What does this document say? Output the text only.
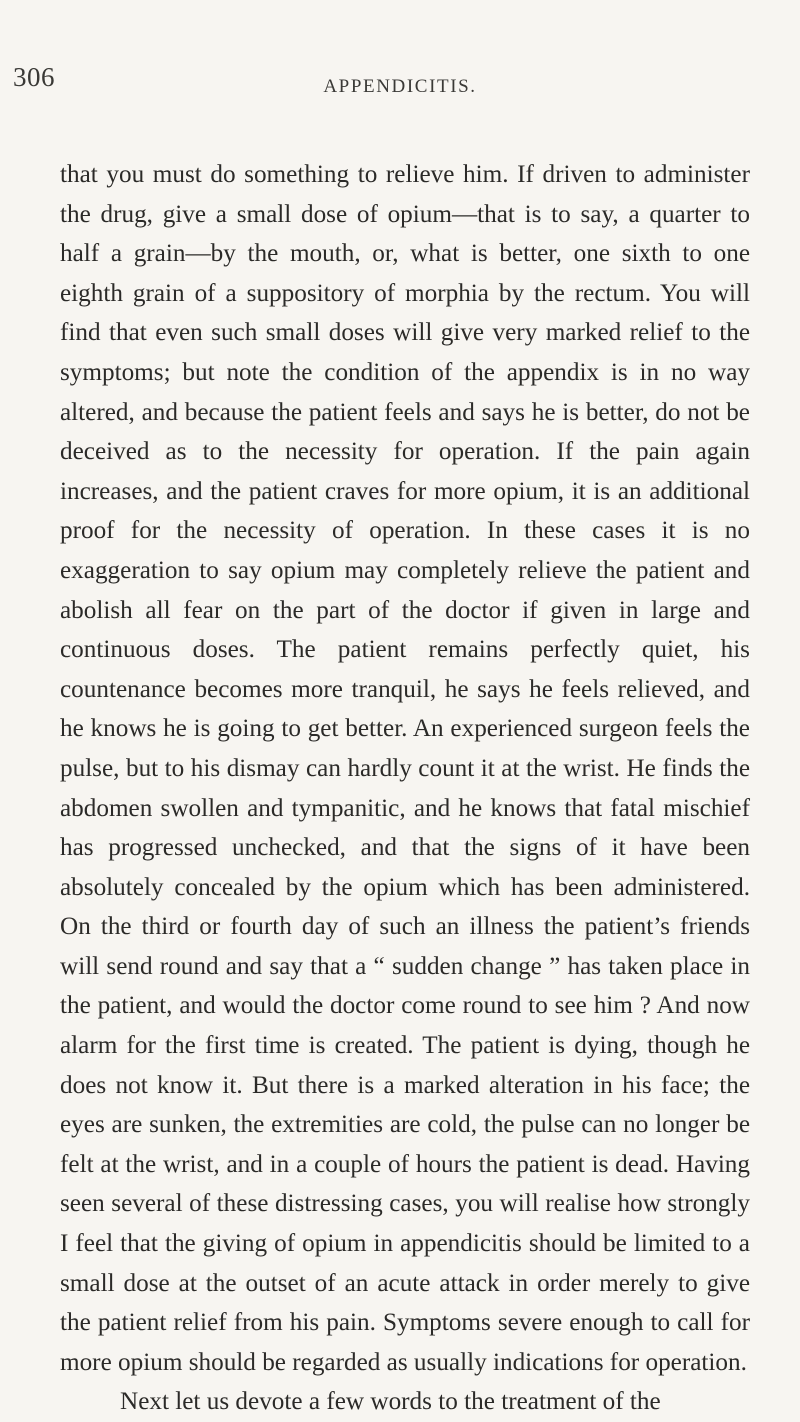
306	APPENDICITIS.

that you must do something to relieve him. If driven to administer the drug, give a small dose of opium—that is to say, a quarter to half a grain—by the mouth, or, what is better, one sixth to one eighth grain of a suppository of morphia by the rectum. You will find that even such small doses will give very marked relief to the symptoms; but note the condition of the appendix is in no way altered, and because the patient feels and says he is better, do not be deceived as to the necessity for operation. If the pain again increases, and the patient craves for more opium, it is an additional proof for the necessity of operation. In these cases it is no exaggeration to say opium may completely relieve the patient and abolish all fear on the part of the doctor if given in large and continuous doses. The patient remains perfectly quiet, his countenance becomes more tranquil, he says he feels relieved, and he knows he is going to get better. An experienced surgeon feels the pulse, but to his dismay can hardly count it at the wrist. He finds the abdomen swollen and tympanitic, and he knows that fatal mischief has progressed unchecked, and that the signs of it have been absolutely concealed by the opium which has been administered. On the third or fourth day of such an illness the patient’s friends will send round and say that a “ sudden change ” has taken place in the patient, and would the doctor come round to see him ? And now alarm for the first time is created. The patient is dying, though he does not know it. But there is a marked alteration in his face; the eyes are sunken, the extremities are cold, the pulse can no longer be felt at the wrist, and in a couple of hours the patient is dead. Having seen several of these distressing cases, you will realise how strongly I feel that the giving of opium in appendicitis should be limited to a small dose at the outset of an acute attack in order merely to give the patient relief from his pain. Symptoms severe enough to call for more opium should be regarded as usually indications for operation.

Next let us devote a few words to the treatment of the
